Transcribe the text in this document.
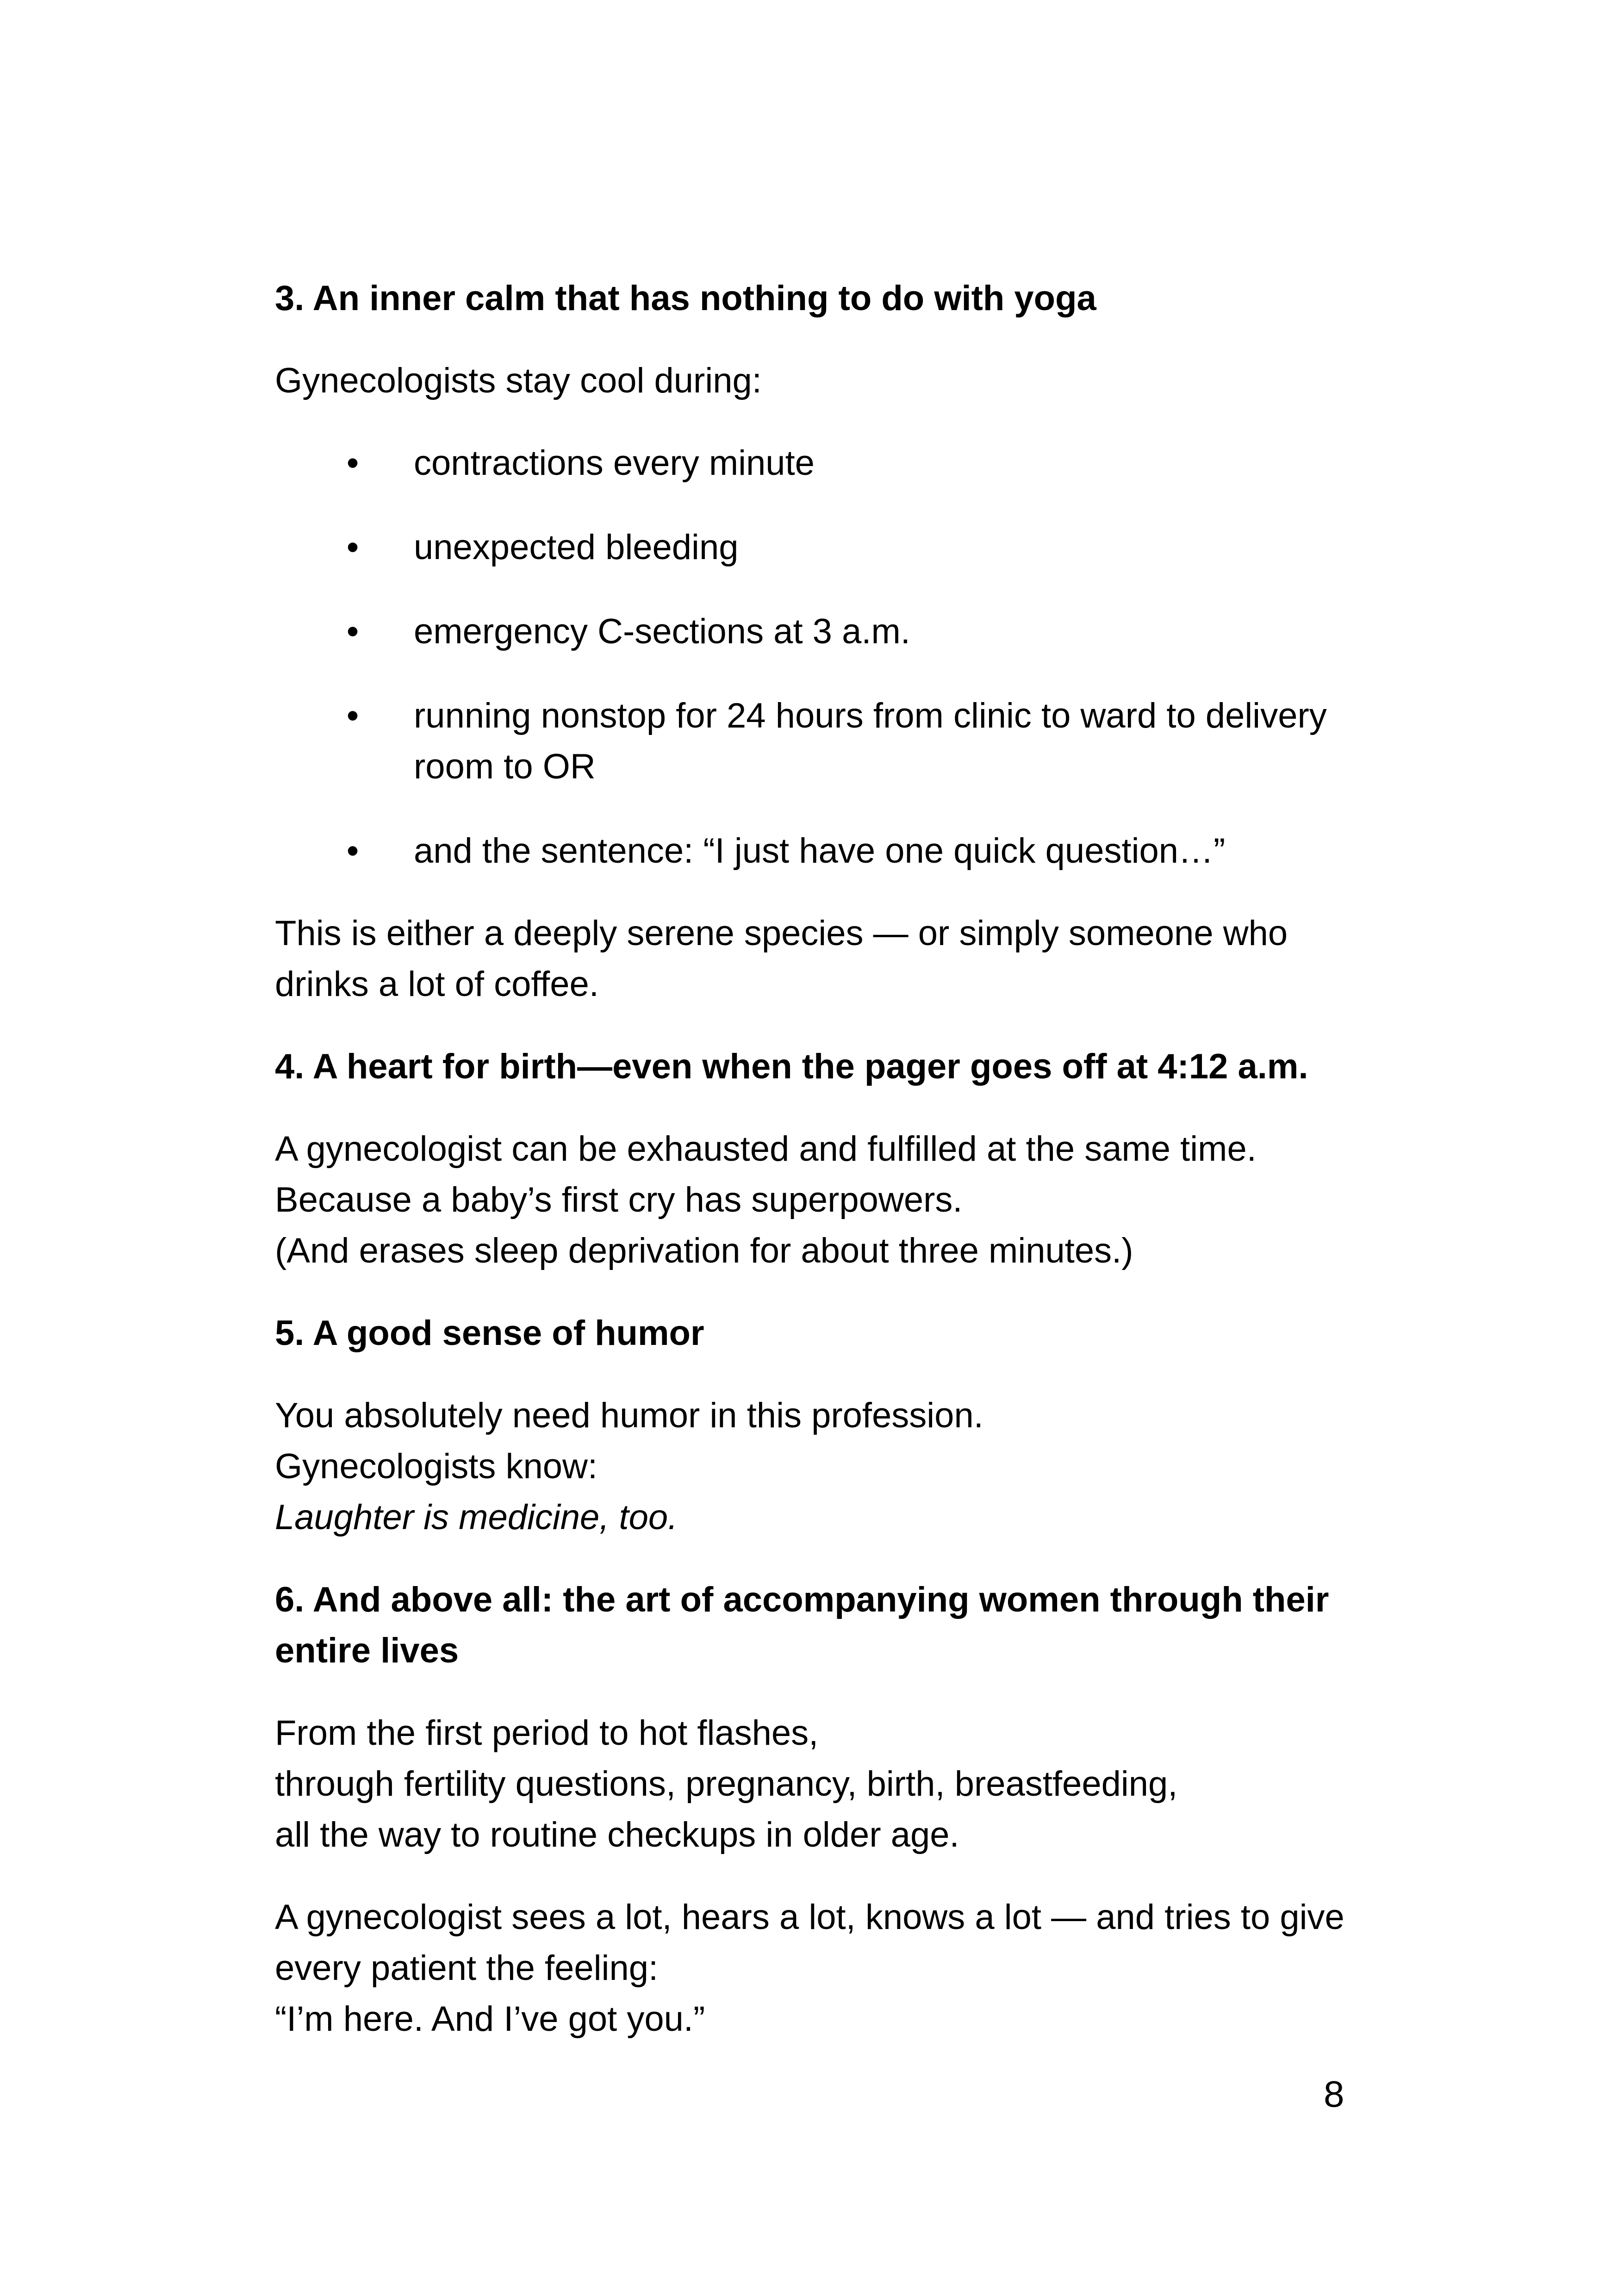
3. An inner calm that has nothing to do with yoga
Gynecologists stay cool during:
• contractions every minute
• unexpected bleeding
• emergency C-sections at 3 a.m.
• running nonstop for 24 hours from clinic to ward to delivery room to OR
• and the sentence: “I just have one quick question…”
This is either a deeply serene species — or simply someone who drinks a lot of coffee.
4. A heart for birth—even when the pager goes off at 4:12 a.m.
A gynecologist can be exhausted and fulfilled at the same time.
Because a baby’s first cry has superpowers.
(And erases sleep deprivation for about three minutes.)
5. A good sense of humor
You absolutely need humor in this profession.
Gynecologists know:
Laughter is medicine, too.
6. And above all: the art of accompanying women through their entire lives
From the first period to hot flashes,
through fertility questions, pregnancy, birth, breastfeeding,
all the way to routine checkups in older age.
A gynecologist sees a lot, hears a lot, knows a lot — and tries to give every patient the feeling:
“I’m here. And I’ve got you.”
8
